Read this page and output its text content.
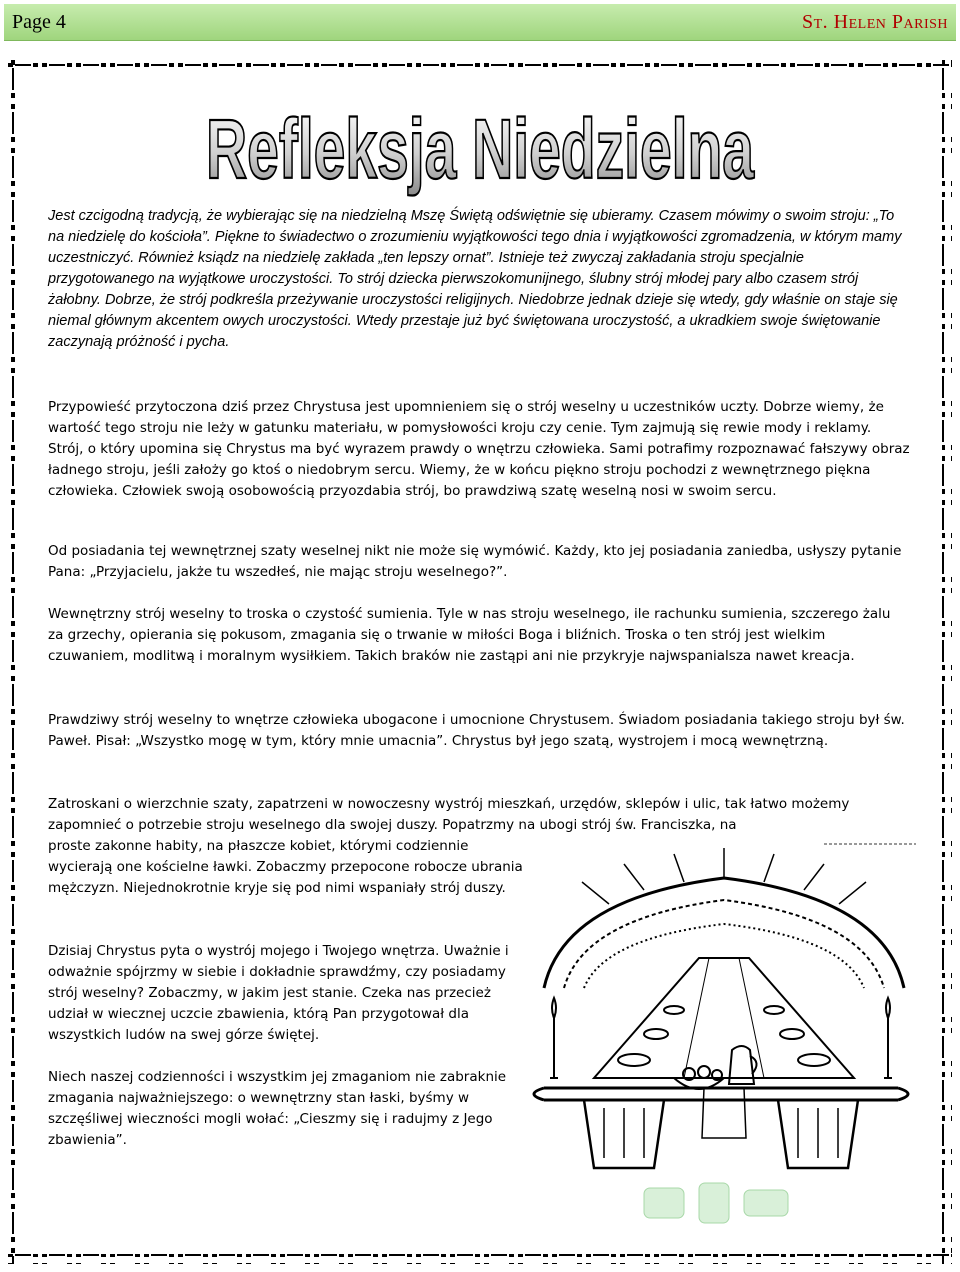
Page 4	St. Helen Parish
Refleksja Niedzielna

Jest czcigodną tradycją, że wybierając się na niedzielną Mszę Świętą odświętnie się ubieramy. Czasem mówimy o swoim stroju: „To na niedzielę do kościoła”. Piękne to świadectwo o zrozumieniu wyjątkowości tego dnia i wyjątkowości zgromadzenia, w którym mamy uczestniczyć. Również ksiądz na niedzielę zakłada „ten lepszy ornat”. Istnieje też zwyczaj zakładania stroju specjalnie przygotowanego na wyjątkowe uroczystości. To strój dziecka pierwszokomunijnego, ślubny strój młodej pary albo czasem strój żałobny. Dobrze, że strój podkreśla przeżywanie uroczystości religijnych. Niedobrze jednak dzieje się wtedy, gdy właśnie on staje się niemal głównym akcentem owych uroczystości. Wtedy przestaje już być świętowana uroczystość, a ukradkiem swoje świętowanie zaczynają próżność i pycha.

Przypowieść przytoczona dziś przez Chrystusa jest upomnieniem się o strój weselny u uczestników uczty. Dobrze wiemy, że wartość tego stroju nie leży w gatunku materiału, w pomysłowości kroju czy cenie. Tym zajmują się rewie mody i reklamy. Strój, o który upomina się Chrystus ma być wyrazem prawdy o wnętrzu człowieka. Sami potrafimy rozpoznawać fałszywy obraz ładnego stroju, jeśli założy go ktoś o niedobrym sercu. Wiemy, że w końcu piękno stroju pochodzi z wewnętrznego piękna człowieka. Człowiek swoją osobowością przyozdabia strój, bo prawdziwą szatę weselną nosi w swoim sercu.

Od posiadania tej wewnętrznej szaty weselnej nikt nie może się wymówić. Każdy, kto jej posiadania zaniedba, usłyszy pytanie Pana: „Przyjacielu, jakże tu wszedłeś, nie mając stroju weselnego?”.

Wewnętrzny strój weselny to troska o czystość sumienia. Tyle w nas stroju weselnego, ile rachunku sumienia, szczerego żalu za grzechy, opierania się pokusom, zmagania się o trwanie w miłości Boga i bliźnich. Troska o ten strój jest wielkim czuwaniem, modlitwą i moralnym wysiłkiem. Takich braków nie zastąpi ani nie przykryje najwspanialsza nawet kreacja.

Prawdziwy strój weselny to wnętrze człowieka ubogacone i umocnione Chrystusem. Świadom posiadania takiego stroju był św. Paweł. Pisał: „Wszystko mogę w tym, który mnie umacnia”. Chrystus był jego szatą, wystrojem i mocą wewnętrzną.

Zatroskani o wierzchnie szaty, zapatrzeni w nowoczesny wystrój mieszkań, urzędów, sklepów i ulic, tak łatwo możemy zapomnieć o potrzebie stroju weselnego dla swojej duszy. Popatrzmy na ubogi strój św. Franciszka, na

proste zakonne habity, na płaszcze kobiet, którymi codziennie wycierają one kościelne ławki. Zobaczmy przepocone robocze ubrania mężczyzn. Niejednokrotnie kryje się pod nimi wspaniały strój duszy.

Dzisiaj Chrystus pyta o wystrój mojego i Twojego wnętrza. Uważnie i odważnie spójrzmy w siebie i dokładnie sprawdźmy, czy posiadamy strój weselny? Zobaczmy, w jakim jest stanie. Czeka nas przecież udział w wiecznej uczcie zbawienia, którą Pan przygotował dla wszystkich ludów na swej górze świętej.

Niech naszej codzienności i wszystkim jej zmaganiom nie zabraknie zmagania najważniejszego: o wewnętrzny stan łaski, byśmy w szczęśliwej wieczności mogli wołać: „Cieszmy się i radujmy z Jego zbawienia”.
